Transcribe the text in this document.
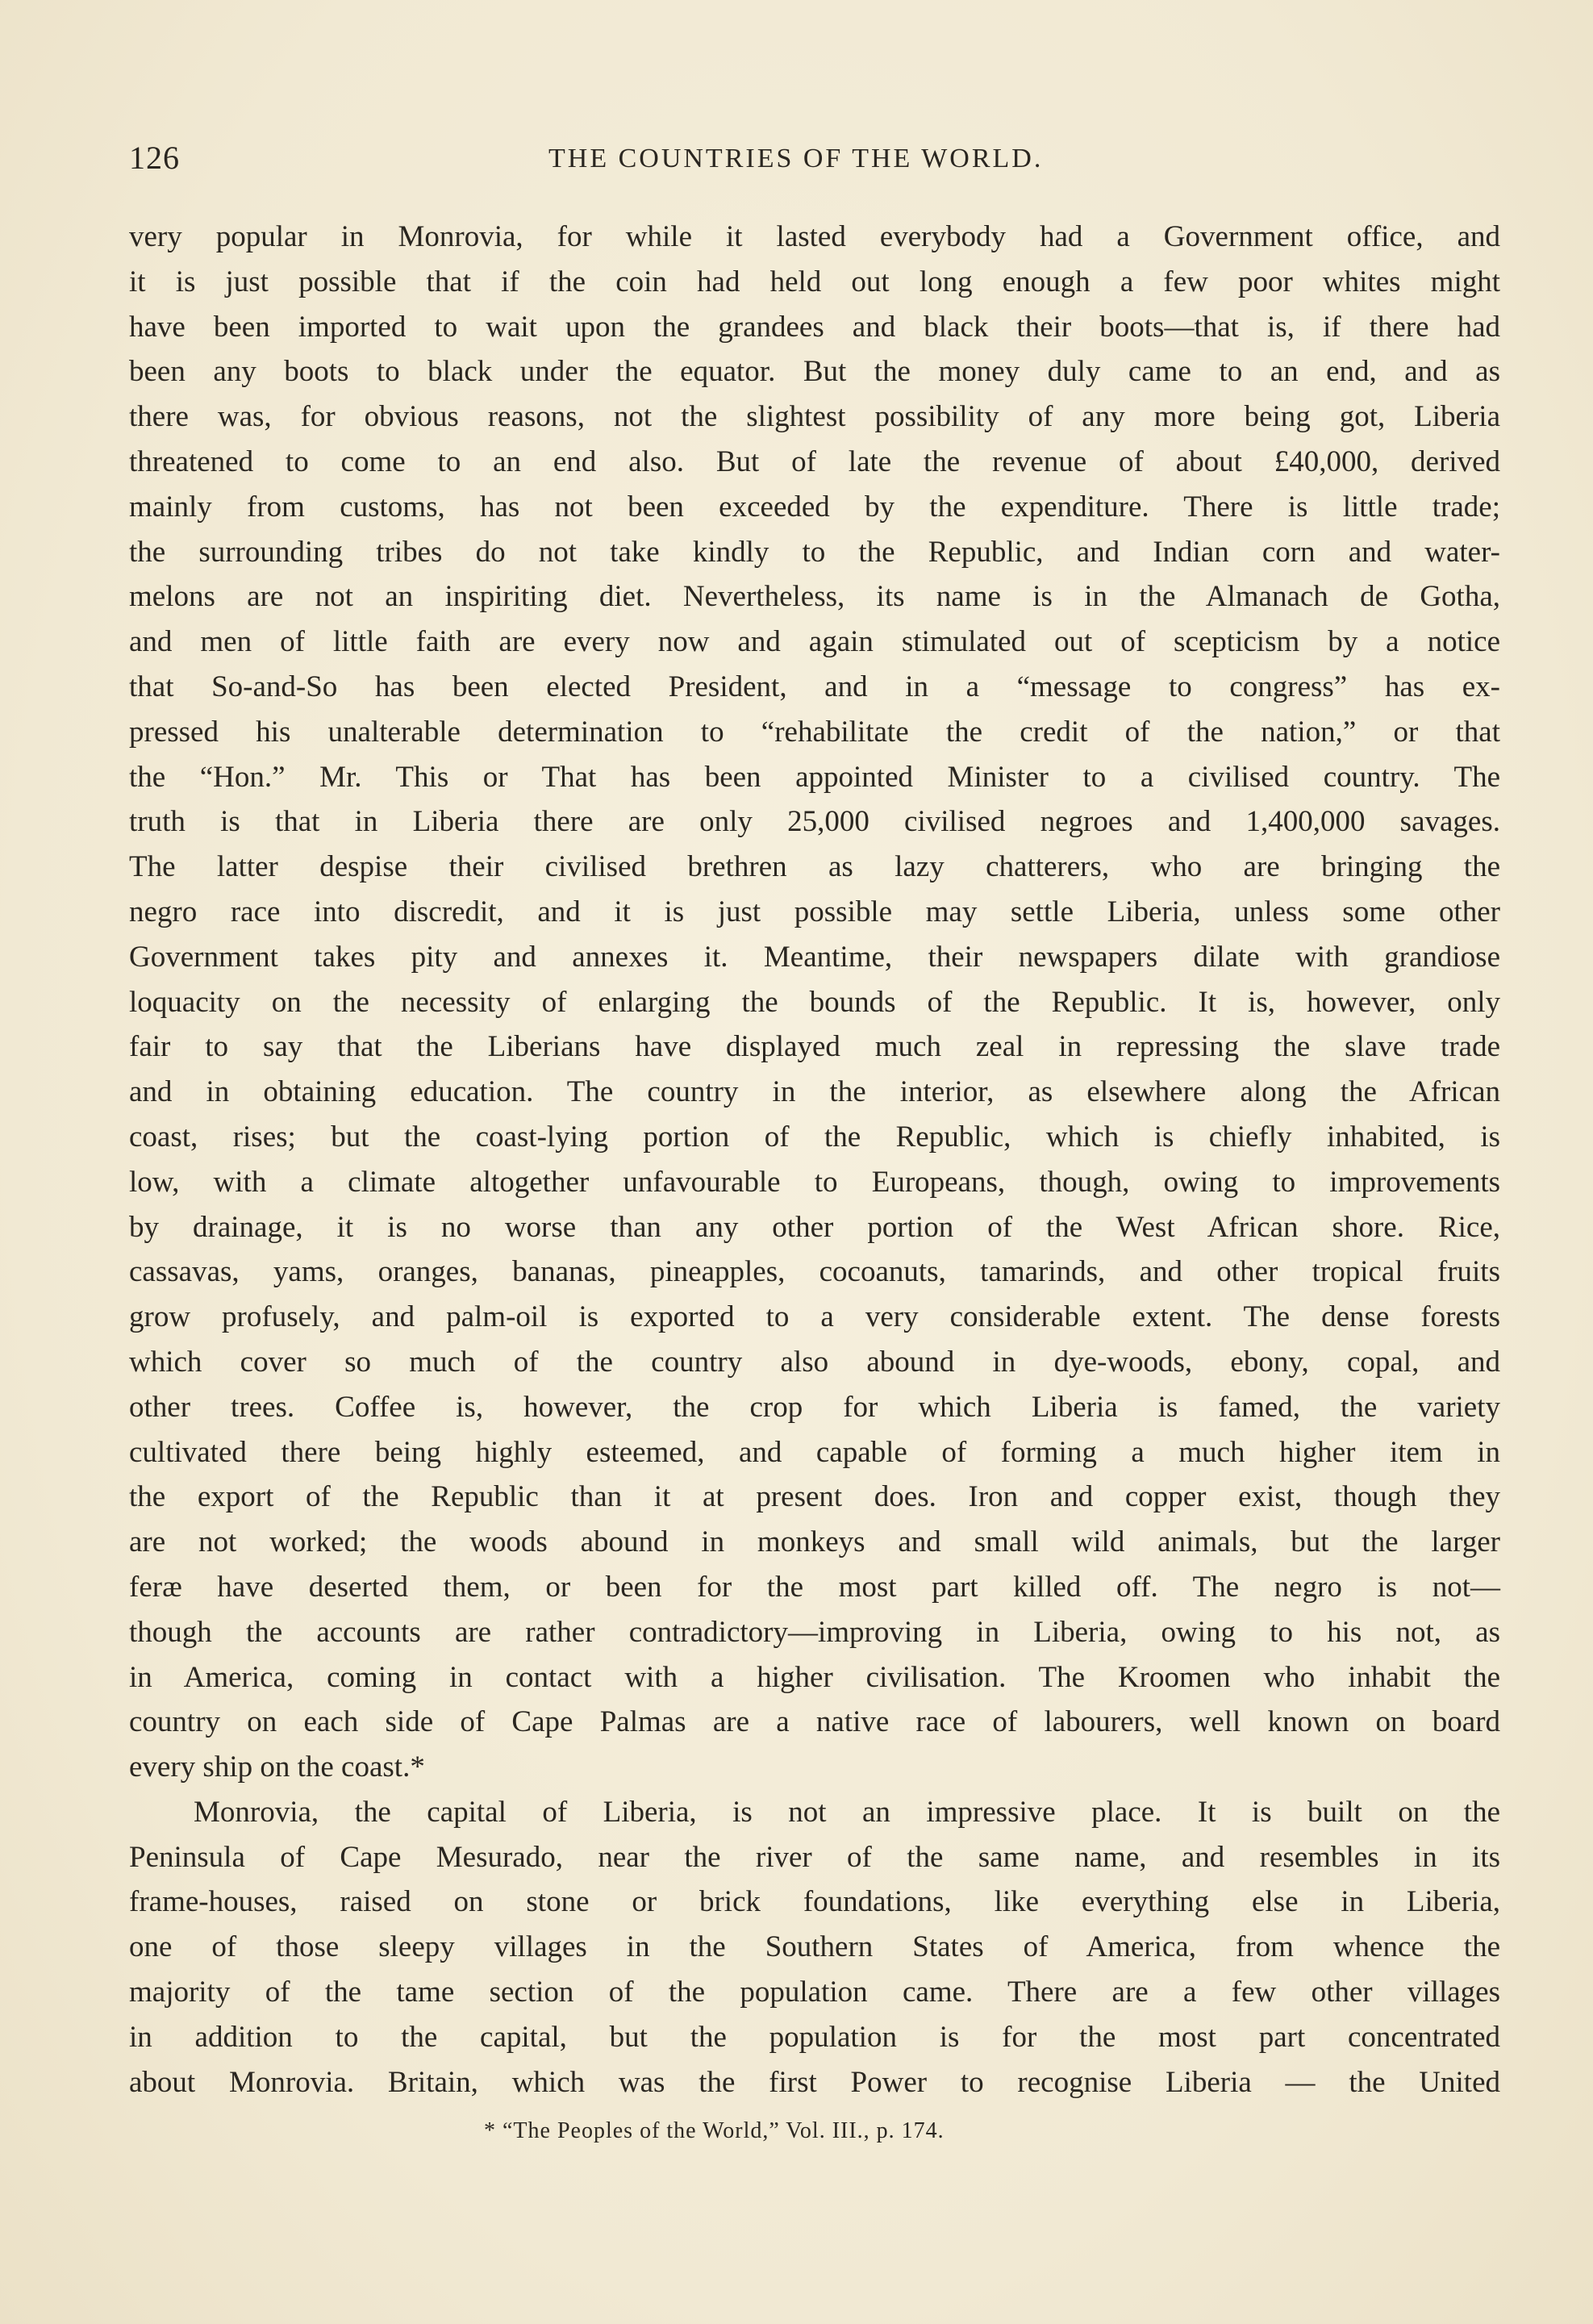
126	THE COUNTRIES OF THE WORLD.
very popular in Monrovia, for while it lasted everybody had a Government office, and
it is just possible that if the coin had held out long enough a few poor whites might
have been imported to wait upon the grandees and black their boots—that is, if there had
been any boots to black under the equator. But the money duly came to an end, and as
there was, for obvious reasons, not the slightest possibility of any more being got, Liberia
threatened to come to an end also. But of late the revenue of about £40,000, derived
mainly from customs, has not been exceeded by the expenditure. There is little trade;
the surrounding tribes do not take kindly to the Republic, and Indian corn and water-
melons are not an inspiriting diet. Nevertheless, its name is in the Almanach de Gotha,
and men of little faith are every now and again stimulated out of scepticism by a notice
that So-and-So has been elected President, and in a “message to congress” has ex-
pressed his unalterable determination to “rehabilitate the credit of the nation,” or that
the “Hon.” Mr. This or That has been appointed Minister to a civilised country. The
truth is that in Liberia there are only 25,000 civilised negroes and 1,400,000 savages.
The latter despise their civilised brethren as lazy chatterers, who are bringing the
negro race into discredit, and it is just possible may settle Liberia, unless some other
Government takes pity and annexes it. Meantime, their newspapers dilate with grandiose
loquacity on the necessity of enlarging the bounds of the Republic. It is, however, only
fair to say that the Liberians have displayed much zeal in repressing the slave trade
and in obtaining education. The country in the interior, as elsewhere along the African
coast, rises; but the coast-lying portion of the Republic, which is chiefly inhabited, is
low, with a climate altogether unfavourable to Europeans, though, owing to improvements
by drainage, it is no worse than any other portion of the West African shore. Rice,
cassavas, yams, oranges, bananas, pineapples, cocoanuts, tamarinds, and other tropical fruits
grow profusely, and palm-oil is exported to a very considerable extent. The dense forests
which cover so much of the country also abound in dye-woods, ebony, copal, and
other trees. Coffee is, however, the crop for which Liberia is famed, the variety
cultivated there being highly esteemed, and capable of forming a much higher item in
the export of the Republic than it at present does. Iron and copper exist, though they
are not worked; the woods abound in monkeys and small wild animals, but the larger
feræ have deserted them, or been for the most part killed off. The negro is not—
though the accounts are rather contradictory—improving in Liberia, owing to his not, as
in America, coming in contact with a higher civilisation. The Kroomen who inhabit the
country on each side of Cape Palmas are a native race of labourers, well known on board
every ship on the coast.*
Monrovia, the capital of Liberia, is not an impressive place. It is built on the
Peninsula of Cape Mesurado, near the river of the same name, and resembles in its
frame-houses, raised on stone or brick foundations, like everything else in Liberia,
one of those sleepy villages in the Southern States of America, from whence the
majority of the tame section of the population came. There are a few other villages
in addition to the capital, but the population is for the most part concentrated
about Monrovia. Britain, which was the first Power to recognise Liberia — the United
* “The Peoples of the World,” Vol. III., p. 174.
